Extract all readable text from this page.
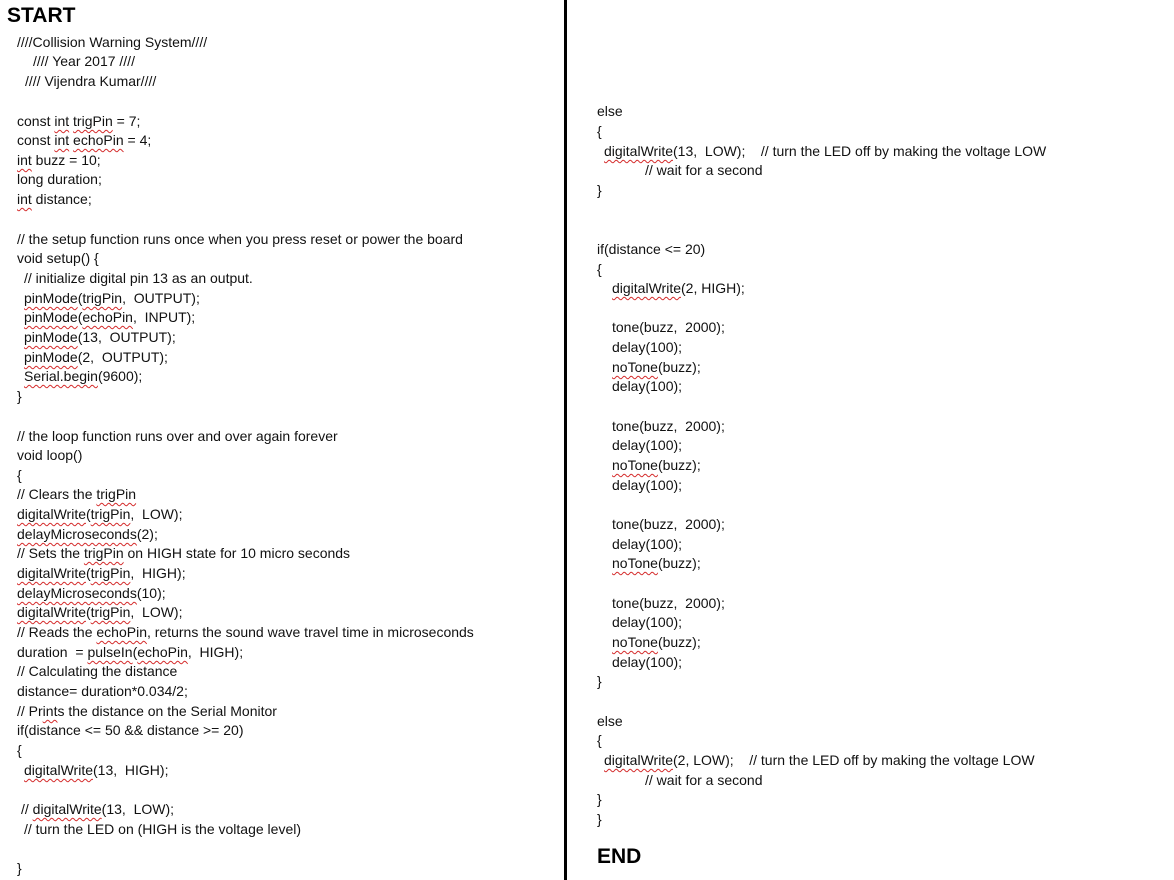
START
////Collision Warning System////
//// Year 2017 ////
//// Vijendra Kumar////
const int trigPin = 7;
const int echoPin = 4;
int buzz = 10;
long duration;
int distance;
// the setup function runs once when you press reset or power the board
void setup() {
// initialize digital pin 13 as an output.
pinMode(trigPin,  OUTPUT);
pinMode(echoPin,  INPUT);
pinMode(13,  OUTPUT);
pinMode(2,  OUTPUT);
Serial.begin(9600);
}
// the loop function runs over and over again forever
void loop()
{
// Clears the trigPin
digitalWrite(trigPin,  LOW);
delayMicroseconds(2);
// Sets the trigPin on HIGH state for 10 micro seconds
digitalWrite(trigPin,  HIGH);
delayMicroseconds(10);
digitalWrite(trigPin,  LOW);
// Reads the echoPin, returns the sound wave travel time in microseconds
duration  = pulseIn(echoPin,  HIGH);
// Calculating the distance
distance= duration*0.034/2;
// Prints the distance on the Serial Monitor
if(distance <= 50 && distance >= 20)
{
digitalWrite(13,  HIGH);
// digitalWrite(13,  LOW);
// turn the LED on (HIGH is the voltage level)
}
else
{
digitalWrite(13,  LOW);    // turn the LED off by making the voltage LOW
// wait for a second
}
if(distance <= 20)
{
digitalWrite(2, HIGH);
tone(buzz,  2000);
delay(100);
noTone(buzz);
delay(100);
tone(buzz,  2000);
delay(100);
noTone(buzz);
delay(100);
tone(buzz,  2000);
delay(100);
noTone(buzz);
tone(buzz,  2000);
delay(100);
noTone(buzz);
delay(100);
}
else
{
digitalWrite(2, LOW);    // turn the LED off by making the voltage LOW
// wait for a second
}
}
END
